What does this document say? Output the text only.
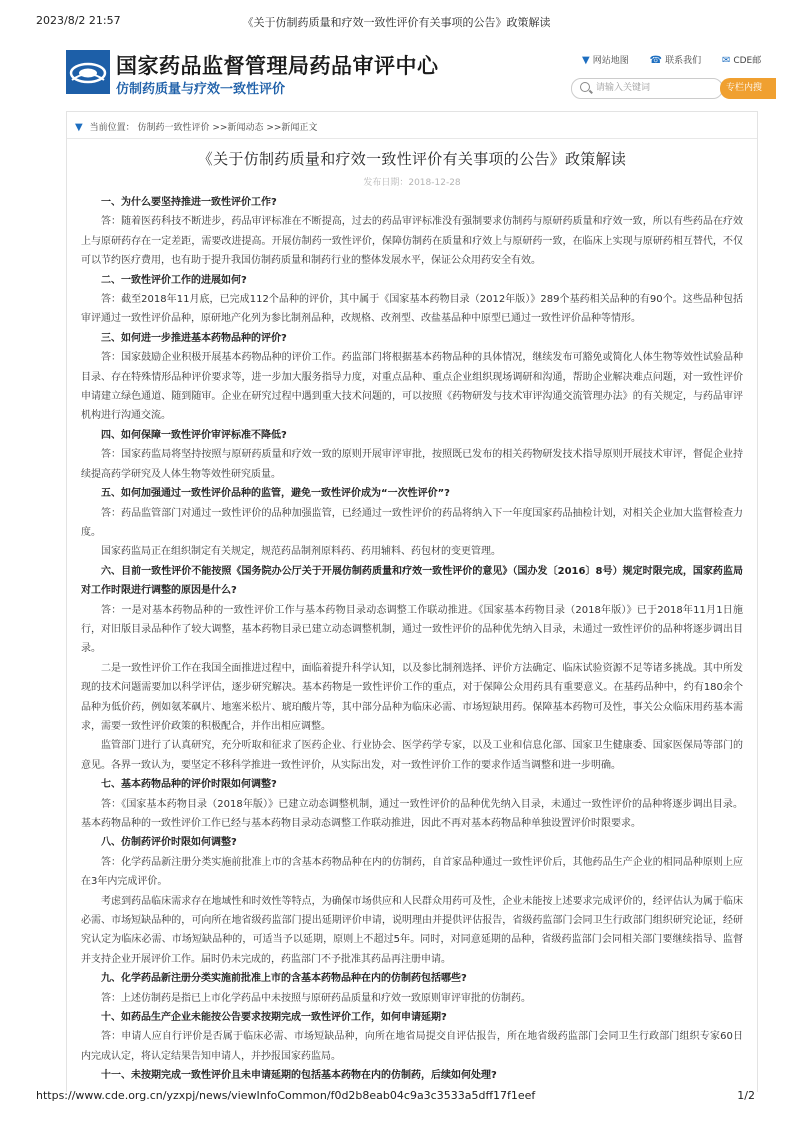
2023/8/2 21:57	《关于仿制药质量和疗效一致性评价有关事项的公告》政策解读
国家药品监督管理局药品审评中心
仿制药质量与疗效一致性评价
▼ 网站地图 ☎ 联系我们 ✉ CDE邮
请输入关键词
专栏内搜
▼ 当前位置： 仿制药一致性评价 >>新闻动态 >>新闻正文
《关于仿制药质量和疗效一致性评价有关事项的公告》政策解读
发布日期：2018-12-28

一、为什么要坚持推进一致性评价工作?

答：随着医药科技不断进步，药品审评标准在不断提高，过去的药品审评标准没有强制要求仿制药与原研药质量和疗效一致，所以有些药品在疗效上与原研药存在一定差距，需要改进提高。开展仿制药一致性评价，保障仿制药在质量和疗效上与原研药一致，在临床上实现与原研药相互替代，不仅可以节约医疗费用，也有助于提升我国仿制药质量和制药行业的整体发展水平，保证公众用药安全有效。

二、一致性评价工作的进展如何?

答：截至2018年11月底，已完成112个品种的评价，其中属于《国家基本药物目录（2012年版）》289个基药相关品种的有90个。这些品种包括审评通过一致性评价品种，原研地产化列为参比制剂品种，改规格、改剂型、改盐基品种中原型已通过一致性评价品种等情形。

三、如何进一步推进基本药物品种的评价?

答：国家鼓励企业积极开展基本药物品种的评价工作。药监部门将根据基本药物品种的具体情况，继续发布可豁免或简化人体生物等效性试验品种目录、存在特殊情形品种评价要求等，进一步加大服务指导力度，对重点品种、重点企业组织现场调研和沟通，帮助企业解决难点问题，对一致性评价申请建立绿色通道、随到随审。企业在研究过程中遇到重大技术问题的，可以按照《药物研发与技术审评沟通交流管理办法》的有关规定，与药品审评机构进行沟通交流。

四、如何保障一致性评价审评标准不降低?

答：国家药监局将坚持按照与原研药质量和疗效一致的原则开展审评审批，按照既已发布的相关药物研发技术指导原则开展技术审评，督促企业持续提高药学研究及人体生物等效性研究质量。

五、如何加强通过一致性评价品种的监管，避免一致性评价成为“一次性评价”?

答：药品监管部门对通过一致性评价的品种加强监管，已经通过一致性评价的药品将纳入下一年度国家药品抽检计划，对相关企业加大监督检查力度。

国家药监局正在组织制定有关规定，规范药品制剂原料药、药用辅料、药包材的变更管理。

六、目前一致性评价不能按照《国务院办公厅关于开展仿制药质量和疗效一致性评价的意见》（国办发〔2016〕8号）规定时限完成，国家药监局对工作时限进行调整的原因是什么?

答：一是对基本药物品种的一致性评价工作与基本药物目录动态调整工作联动推进。《国家基本药物目录（2018年版）》已于2018年11月1日施行，对旧版目录品种作了较大调整，基本药物目录已建立动态调整机制，通过一致性评价的品种优先纳入目录，未通过一致性评价的品种将逐步调出目录。

二是一致性评价工作在我国全面推进过程中，面临着提升科学认知，以及参比制剂选择、评价方法确定、临床试验资源不足等诸多挑战。其中所发现的技术问题需要加以科学评估，逐步研究解决。基本药物是一致性评价工作的重点，对于保障公众用药具有重要意义。在基药品种中，约有180余个品种为低价药，例如氨苯砜片、地塞米松片、琥珀酸片等，其中部分品种为临床必需、市场短缺用药。保障基本药物可及性，事关公众临床用药基本需求，需要一致性评价政策的积极配合，并作出相应调整。

监管部门进行了认真研究，充分听取和征求了医药企业、行业协会、医学药学专家，以及工业和信息化部、国家卫生健康委、国家医保局等部门的意见。各界一致认为，要坚定不移科学推进一致性评价，从实际出发，对一致性评价工作的要求作适当调整和进一步明确。

七、基本药物品种的评价时限如何调整?

答：《国家基本药物目录（2018年版）》已建立动态调整机制，通过一致性评价的品种优先纳入目录，未通过一致性评价的品种将逐步调出目录。基本药物品种的一致性评价工作已经与基本药物目录动态调整工作联动推进，因此不再对基本药物品种单独设置评价时限要求。

八、仿制药评价时限如何调整?

答：化学药品新注册分类实施前批准上市的含基本药物品种在内的仿制药，自首家品种通过一致性评价后，其他药品生产企业的相同品种原则上应在3年内完成评价。

考虑到药品临床需求存在地域性和时效性等特点，为确保市场供应和人民群众用药可及性，企业未能按上述要求完成评价的，经评估认为属于临床必需、市场短缺品种的，可向所在地省级药监部门提出延期评价申请，说明理由并提供评估报告，省级药监部门会同卫生行政部门组织研究论证，经研究认定为临床必需、市场短缺品种的，可适当予以延期，原则上不超过5年。同时，对同意延期的品种，省级药监部门会同相关部门要继续指导、监督并支持企业开展评价工作。届时仍未完成的，药监部门不予批准其药品再注册申请。

九、化学药品新注册分类实施前批准上市的含基本药物品种在内的仿制药包括哪些?

答：上述仿制药是指已上市化学药品中未按照与原研药品质量和疗效一致原则审评审批的仿制药。

十、如药品生产企业未能按公告要求按期完成一致性评价工作，如何申请延期?

答：申请人应自行评价是否属于临床必需、市场短缺品种，向所在地省局提交自评估报告，所在地省级药监部门会同卫生行政部门组织专家60日内完成认定，将认定结果告知申请人，并抄报国家药监局。

十一、未按期完成一致性评价且未申请延期的包括基本药物在内的仿制药，后续如何处理?

https://www.cde.org.cn/yzxpj/news/viewInfoCommon/f0d2b8eab04c9a3c3533a5dff17f1eef	1/2
